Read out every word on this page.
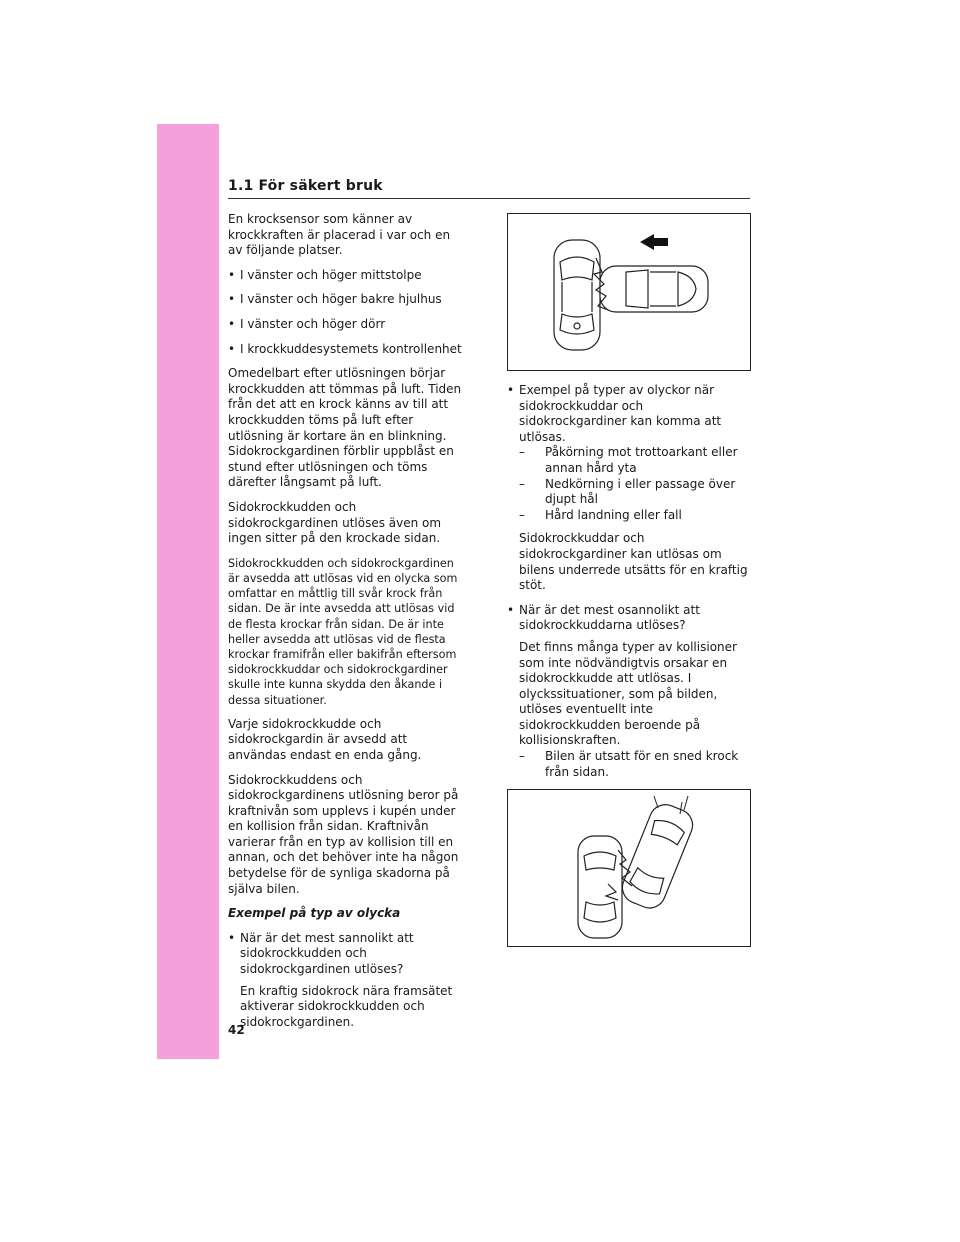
1.1 För säkert bruk

En krocksensor som känner av krockkraften är placerad i var och en av följande platser.

• I vänster och höger mittstolpe
• I vänster och höger bakre hjulhus
• I vänster och höger dörr
• I krockkuddesystemets kontrollenhet

Omedelbart efter utlösningen börjar krockkudden att tömmas på luft. Tiden från det att en krock känns av till att krockkudden töms på luft efter utlösning är kortare än en blinkning. Sidokrockgardinen förblir uppblåst en stund efter utlösningen och töms därefter långsamt på luft.

Sidokrockkudden och sidokrockgardinen utlöses även om ingen sitter på den krockade sidan.

Sidokrockkudden och sidokrockgardinen är avsedda att utlösas vid en olycka som omfattar en måttlig till svår krock från sidan. De är inte avsedda att utlösas vid de flesta krockar från sidan. De är inte heller avsedda att utlösas vid de flesta krockar framifrån eller bakifrån eftersom sidokrockkuddar och sidokrockgardiner skulle inte kunna skydda den åkande i dessa situationer.

Varje sidokrockkudde och sidokrockgardin är avsedd att användas endast en enda gång.

Sidokrockkuddens och sidokrockgardinens utlösning beror på kraftnivån som upplevs i kupén under en kollision från sidan. Kraftnivån varierar från en typ av kollision till en annan, och det behöver inte ha någon betydelse för de synliga skadorna på själva bilen.

Exempel på typ av olycka

• När är det mest sannolikt att sidokrockkudden och sidokrockgardinen utlöses?
En kraftig sidokrock nära framsätet aktiverar sidokrockkudden och sidokrockgardinen.
• Exempel på typer av olyckor när sidokrockkuddar och sidokrockgardiner kan komma att utlösas.
– Påkörning mot trottoarkant eller annan hård yta
– Nedkörning i eller passage över djupt hål
– Hård landning eller fall

Sidokrockkuddar och sidokrockgardiner kan utlösas om bilens underrede utsätts för en kraftig stöt.

• När är det mest osannolikt att sidokrockkuddarna utlöses?
Det finns många typer av kollisioner som inte nödvändigtvis orsakar en sidokrockkudde att utlösas. I olyckssituationer, som på bilden, utlöses eventuellt inte sidokrockkudden beroende på kollisionskraften.
– Bilen är utsatt för en sned krock från sidan.
42
